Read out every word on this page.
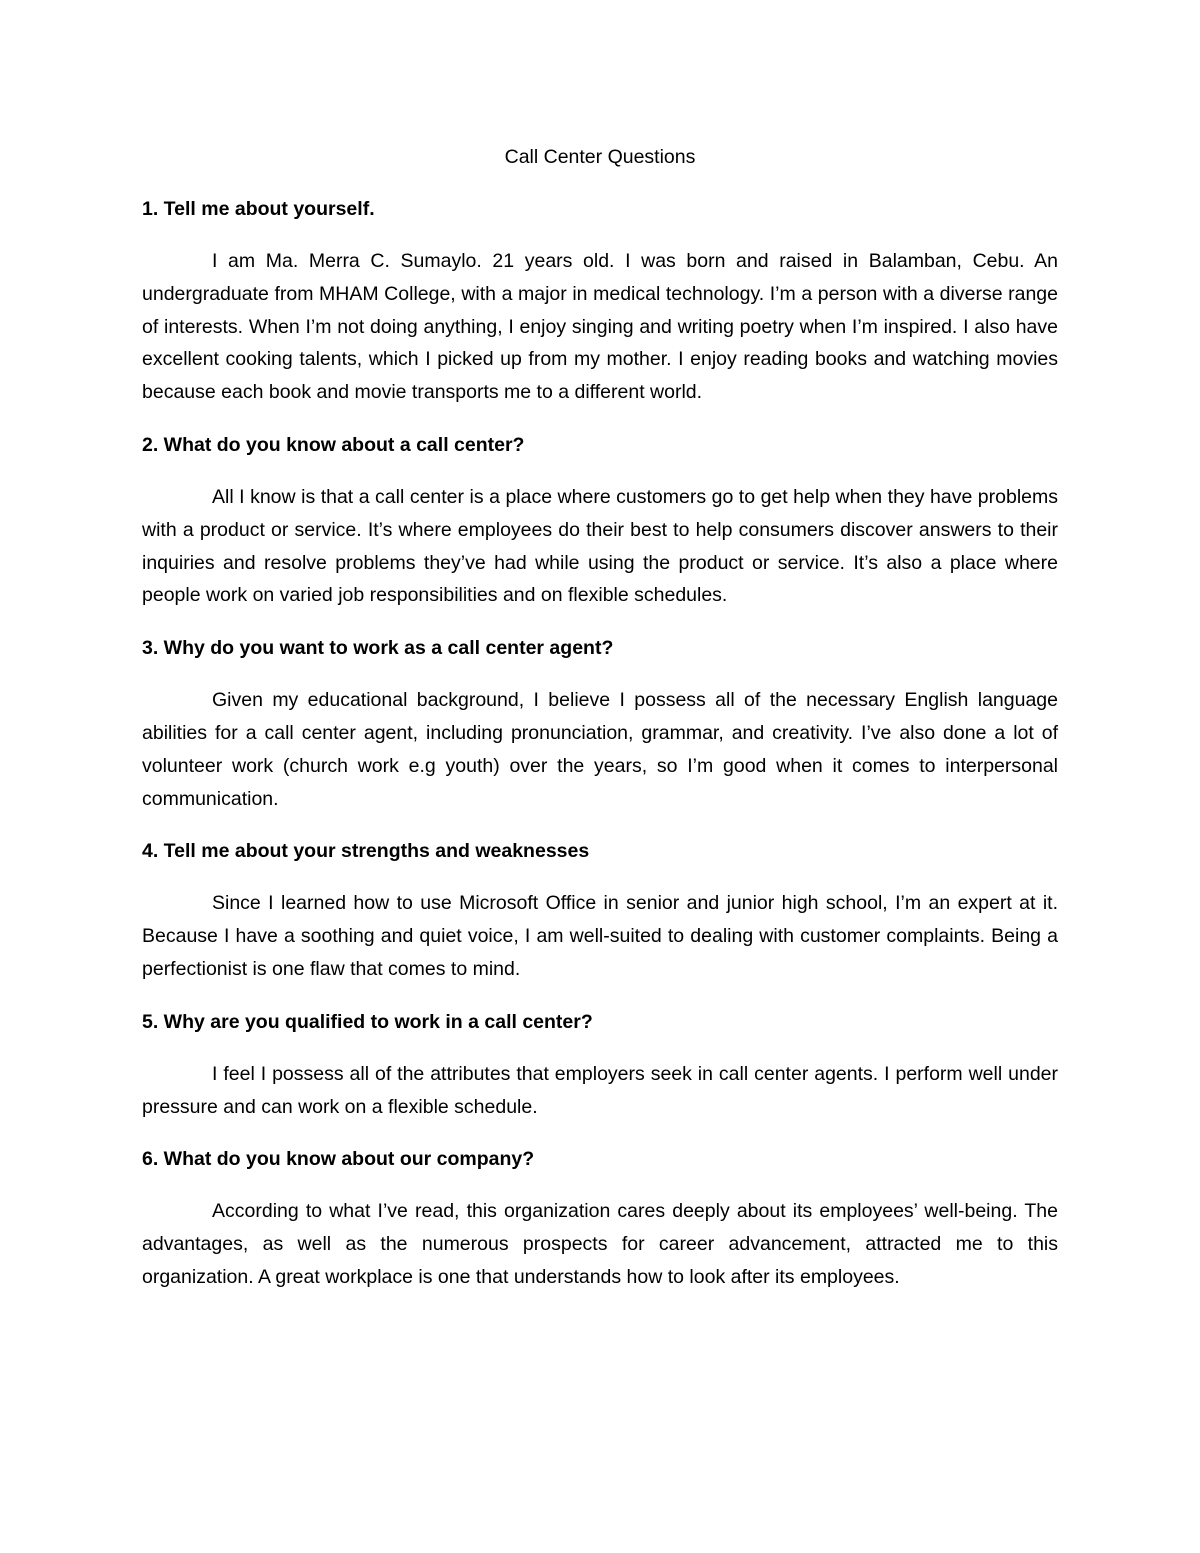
Call Center Questions
1. Tell me about yourself.

I am Ma. Merra C. Sumaylo. 21 years old. I was born and raised in Balamban, Cebu. An undergraduate from MHAM College, with a major in medical technology. I’m a person with a diverse range of interests. When I’m not doing anything, I enjoy singing and writing poetry when I’m inspired. I also have excellent cooking talents, which I picked up from my mother. I enjoy reading books and watching movies because each book and movie transports me to a different world.

2. What do you know about a call center?

All I know is that a call center is a place where customers go to get help when they have problems with a product or service. It’s where employees do their best to help consumers discover answers to their inquiries and resolve problems they’ve had while using the product or service. It’s also a place where people work on varied job responsibilities and on flexible schedules.

3. Why do you want to work as a call center agent?

Given my educational background, I believe I possess all of the necessary English language abilities for a call center agent, including pronunciation, grammar, and creativity. I’ve also done a lot of volunteer work (church work e.g youth) over the years, so I’m good when it comes to interpersonal communication.

4. Tell me about your strengths and weaknesses

Since I learned how to use Microsoft Office in senior and junior high school, I’m an expert at it. Because I have a soothing and quiet voice, I am well-suited to dealing with customer complaints. Being a perfectionist is one flaw that comes to mind.

5. Why are you qualified to work in a call center?

I feel I possess all of the attributes that employers seek in call center agents. I perform well under pressure and can work on a flexible schedule.

6. What do you know about our company?

According to what I’ve read, this organization cares deeply about its employees’ well-being. The advantages, as well as the numerous prospects for career advancement, attracted me to this organization. A great workplace is one that understands how to look after its employees.
